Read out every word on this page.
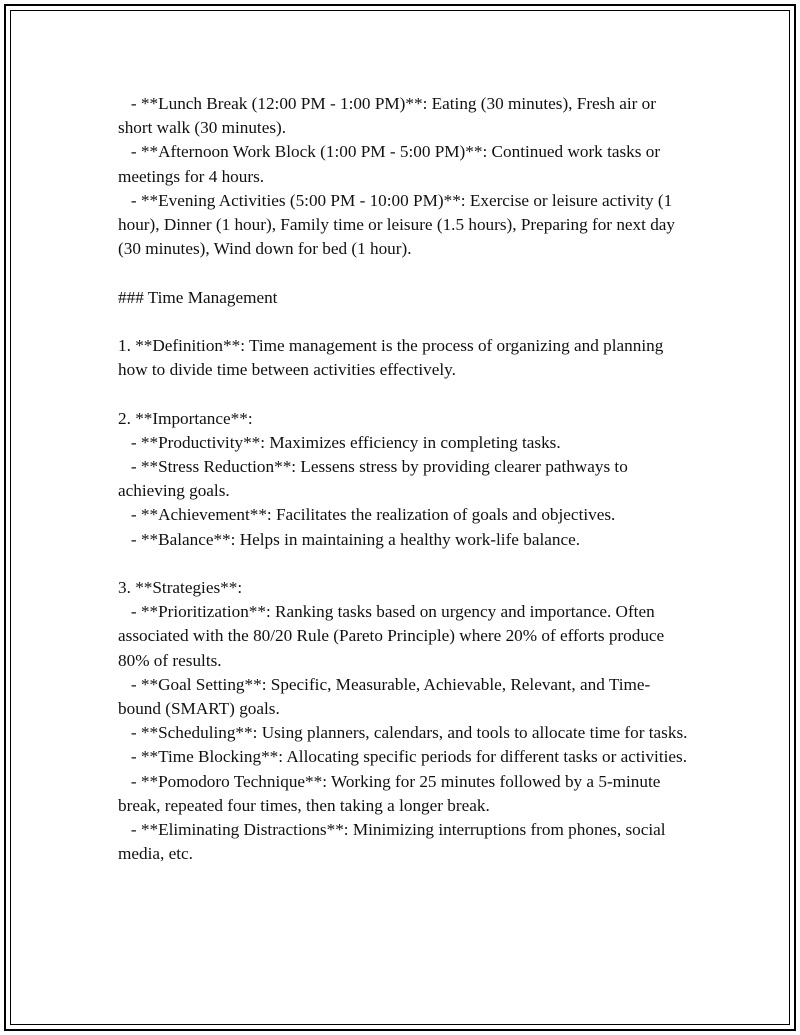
- **Lunch Break (12:00 PM - 1:00 PM)**: Eating (30 minutes), Fresh air or short walk (30 minutes).

- **Afternoon Work Block (1:00 PM - 5:00 PM)**: Continued work tasks or meetings for 4 hours.

- **Evening Activities (5:00 PM - 10:00 PM)**: Exercise or leisure activity (1 hour), Dinner (1 hour), Family time or leisure (1.5 hours), Preparing for next day (30 minutes), Wind down for bed (1 hour).

### Time Management

1. **Definition**: Time management is the process of organizing and planning how to divide time between activities effectively.

2. **Importance**:

- **Productivity**: Maximizes efficiency in completing tasks.

- **Stress Reduction**: Lessens stress by providing clearer pathways to achieving goals.

- **Achievement**: Facilitates the realization of goals and objectives.

- **Balance**: Helps in maintaining a healthy work-life balance.

3. **Strategies**:

- **Prioritization**: Ranking tasks based on urgency and importance. Often associated with the 80/20 Rule (Pareto Principle) where 20% of efforts produce 80% of results.

- **Goal Setting**: Specific, Measurable, Achievable, Relevant, and Time-bound (SMART) goals.

- **Scheduling**: Using planners, calendars, and tools to allocate time for tasks.

- **Time Blocking**: Allocating specific periods for different tasks or activities.

- **Pomodoro Technique**: Working for 25 minutes followed by a 5-minute break, repeated four times, then taking a longer break.

- **Eliminating Distractions**: Minimizing interruptions from phones, social media, etc.
